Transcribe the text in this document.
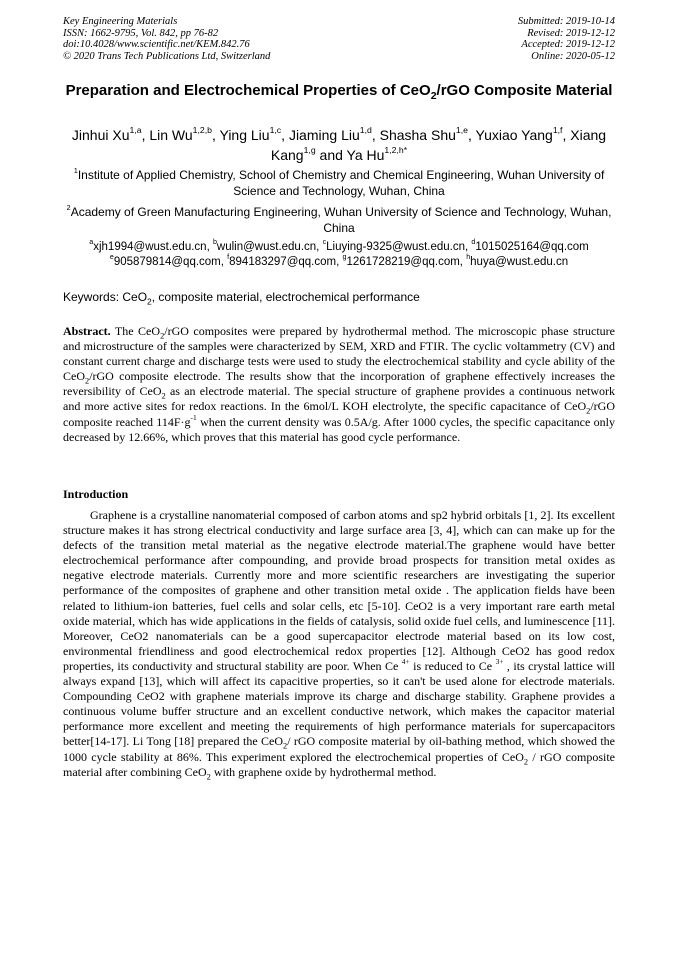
Key Engineering Materials
ISSN: 1662-9795, Vol. 842, pp 76-82
doi:10.4028/www.scientific.net/KEM.842.76
© 2020 Trans Tech Publications Ltd, Switzerland
Submitted: 2019-10-14
Revised: 2019-12-12
Accepted: 2019-12-12
Online: 2020-05-12
Preparation and Electrochemical Properties of CeO$_2$/rGO Composite Material
Jinhui Xu$^{1,a}$, Lin Wu$^{1,2,b}$, Ying Liu$^{1,c}$, Jiaming Liu$^{1,d}$, Shasha Shu$^{1,e}$, Yuxiao Yang$^{1,f}$, Xiang Kang$^{1,g}$ and Ya $Hu^{1,2,h*}$
$^1$Institute of Applied Chemistry, School of Chemistry and Chemical Engineering, Wuhan University of Science and Technology, Wuhan, China
$^2$Academy of Green Manufacturing Engineering, Wuhan University of Science and Technology, Wuhan, China
$^a$xjh1994@wust.edu.cn, $^b$wulin@wust.edu.cn, $^c$Liuying-9325@wust.edu.cn, $^d$1015025164@qq.com
$^e$905879814@qq.com, $^f$894183297@qq.com, $^g$1261728219@qq.com, $^h$huya@wust.edu.cn
Keywords: CeO$_2$, composite material, electrochemical performance
Abstract. The CeO$_2$/rGO composites were prepared by hydrothermal method. The microscopic phase structure and microstructure of the samples were characterized by SEM, XRD and FTIR. The cyclic voltammetry (CV) and constant current charge and discharge tests were used to study the electrochemical stability and cycle ability of the CeO$_2$/rGO composite electrode. The results show that the incorporation of graphene effectively increases the reversibility of CeO$_2$ as an electrode material. The special structure of graphene provides a continuous network and more active sites for redox reactions. In the 6mol/L KOH electrolyte, the specific capacitance of CeO$_2$/rGO composite reached $114F\cdot g^{-1}$ when the current density was 0.5A/g. After 1000 cycles, the specific capacitance only decreased by 12.66%, which proves that this material has good cycle performance.
Introduction
Graphene is a crystalline nanomaterial composed of carbon atoms and sp2 hybrid orbitals [1, 2]. Its excellent structure makes it has strong electrical conductivity and large surface area [3, 4], which can can make up for the defects of the transition metal material as the negative electrode material.The graphene would have better electrochemical performance after compounding, and provide broad prospects for transition metal oxides as negative electrode materials. Currently more and more scientific researchers are investigating the superior performance of the composites of graphene and other transition metal oxide . The application fields have been related to lithium-ion batteries, fuel cells and solar cells, etc [5-10]. CeO2 is a very important rare earth metal oxide material, which has wide applications in the fields of catalysis, solid oxide fuel cells, and luminescence [11]. Moreover, CeO2 nanomaterials can be a good supercapacitor electrode material based on its low cost, environmental friendliness and good electrochemical redox properties [12]. Although CeO2 has good redox properties, its conductivity and structural stability are poor. When Ce $^{4+}$ is reduced to Ce $^{3+}$ , its crystal lattice will always expand [13], which will affect its capacitive properties, so it can't be used alone for electrode materials. Compounding CeO2 with graphene materials improve its charge and discharge stability. Graphene provides a continuous volume buffer structure and an excellent conductive network, which makes the capacitor material performance more excellent and meeting the requirements of high performance materials for supercapacitors better[14-17]. Li Tong [18] prepared the CeO$_2$/ rGO composite material by oil-bathing method, which showed the 1000 cycle stability at 86%. This experiment explored the electrochemical properties of CeO$_2$ / rGO composite material after combining CeO$_2$ with graphene oxide by hydrothermal method.
